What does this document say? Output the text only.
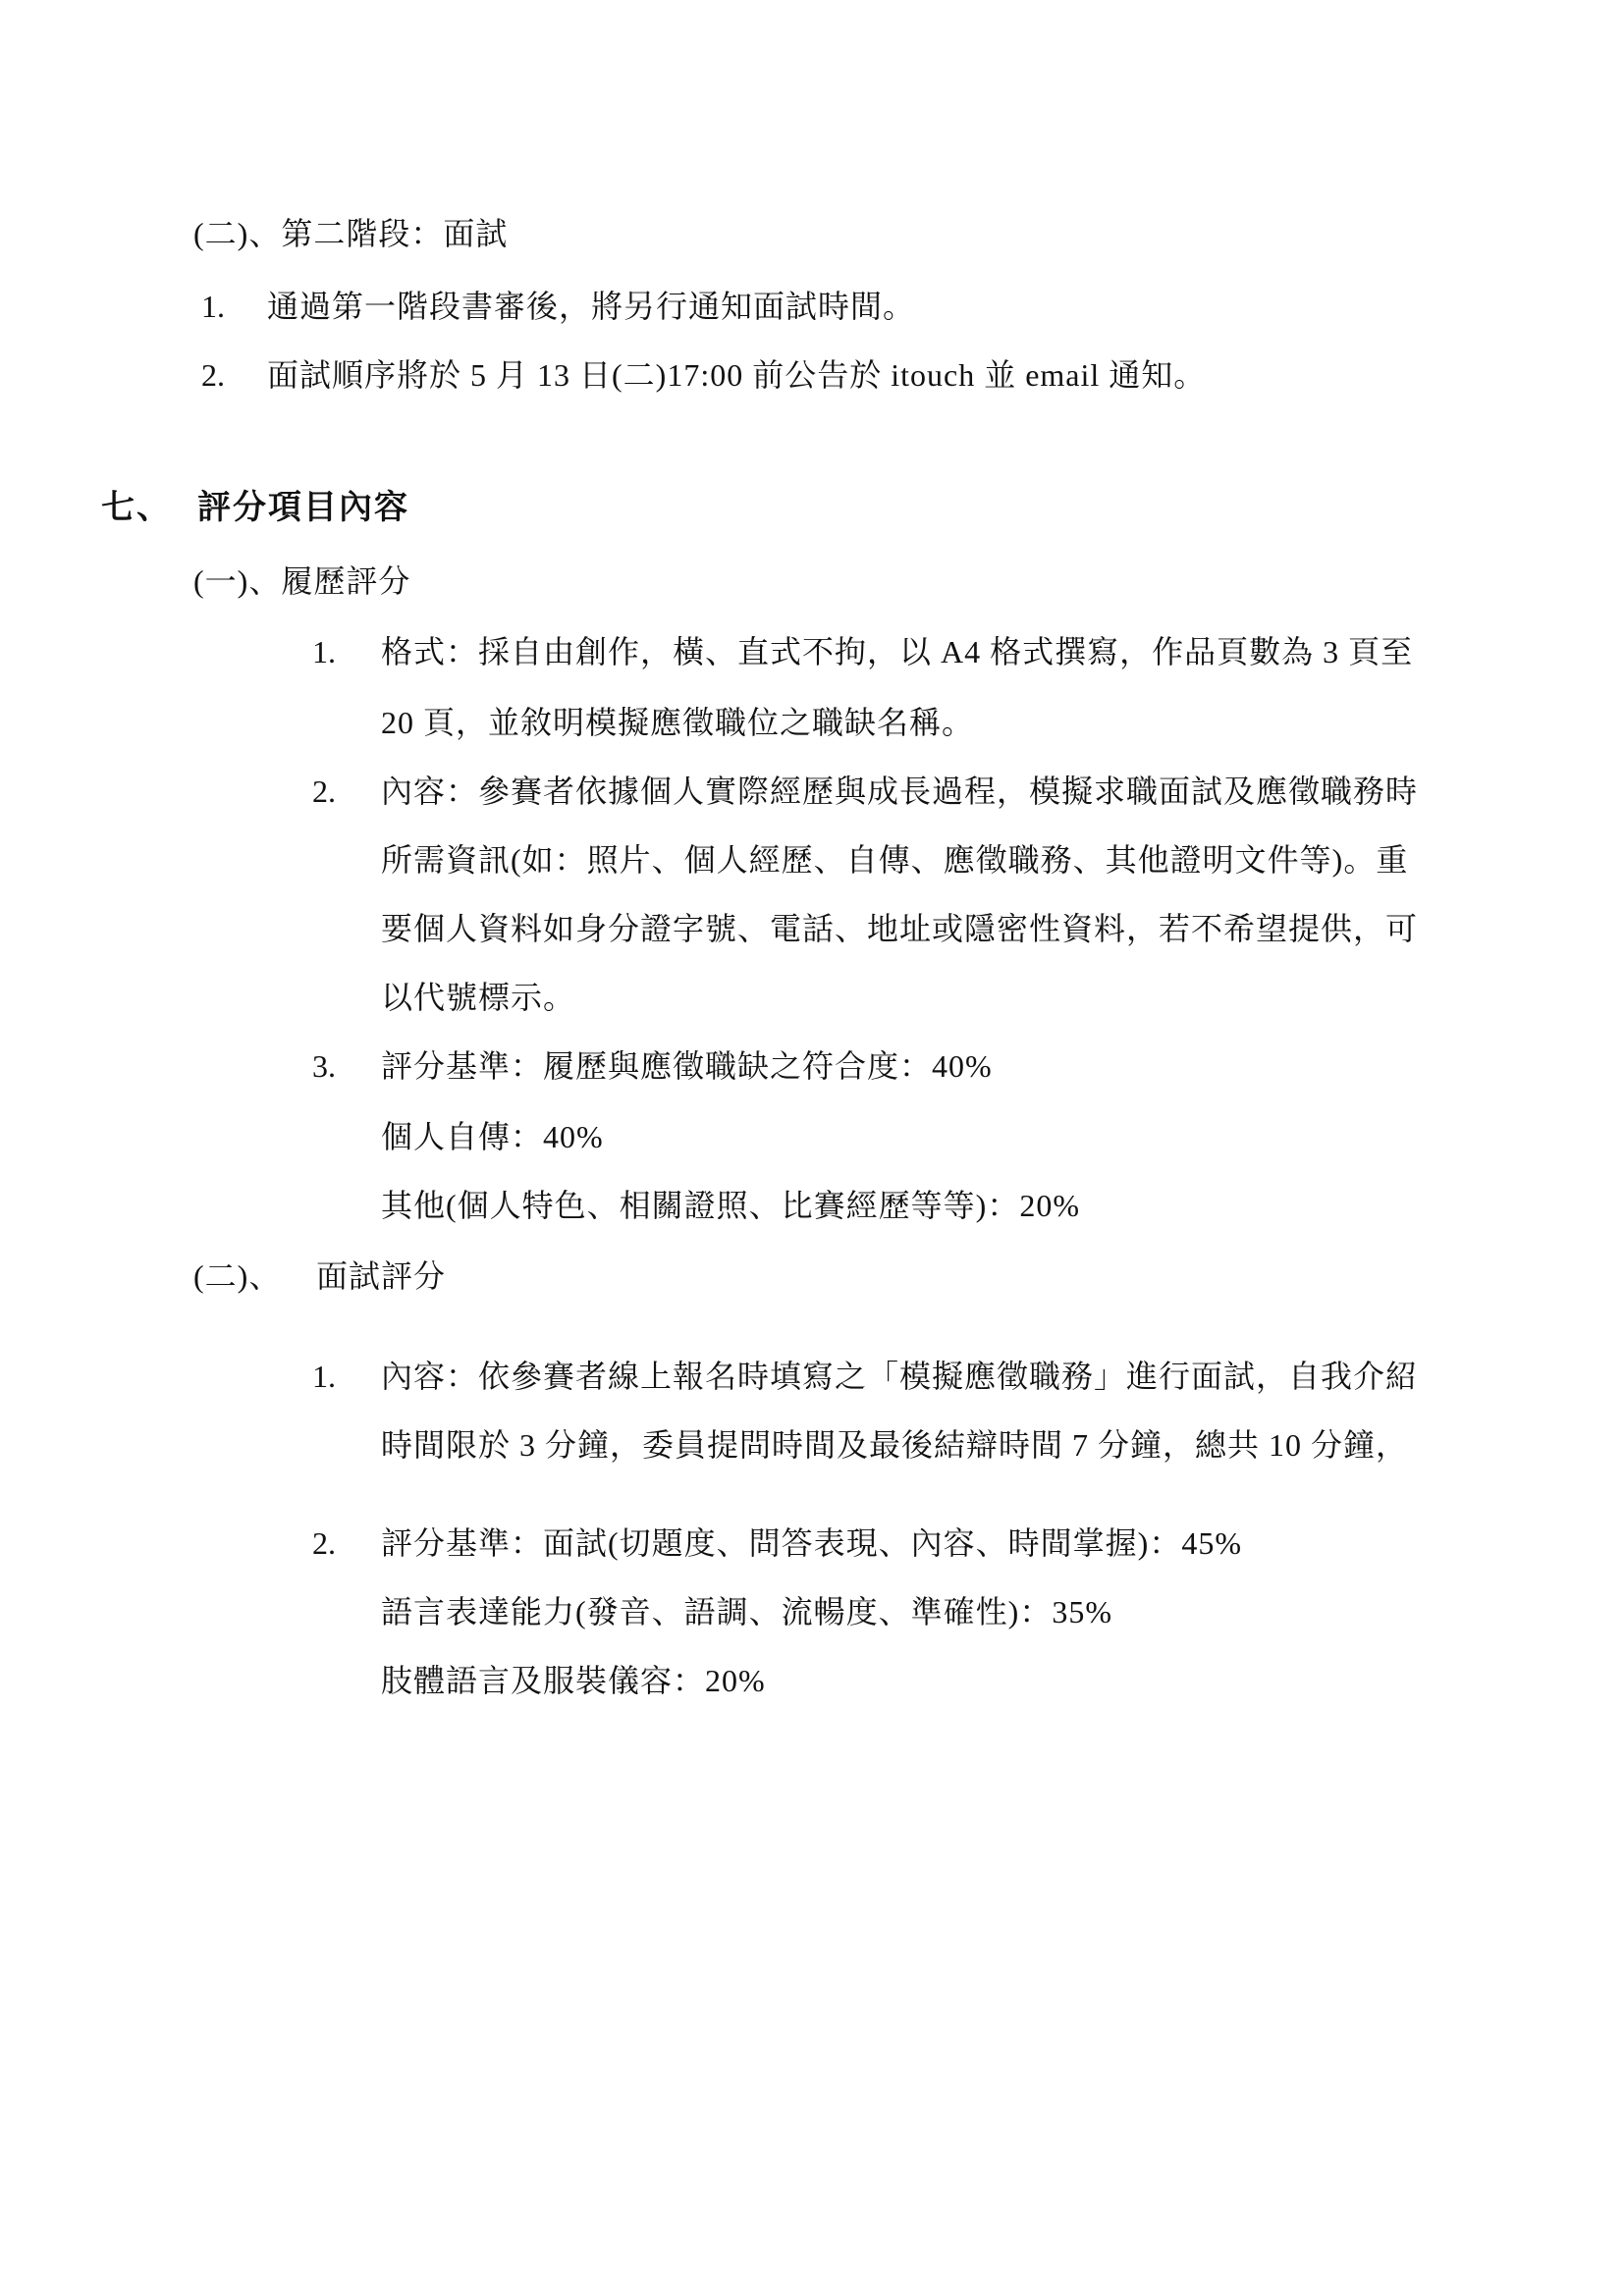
(二)、第二階段：面試
1. 通過第一階段書審後，將另行通知面試時間。
2. 面試順序將於 5 月 13 日(二)17:00 前公告於 itouch 並 email 通知。
七、 評分項目內容
(一)、履歷評分
1. 格式：採自由創作，橫、直式不拘，以 A4 格式撰寫，作品頁數為 3 頁至
20 頁，並敘明模擬應徵職位之職缺名稱。
2. 內容：參賽者依據個人實際經歷與成長過程，模擬求職面試及應徵職務時
所需資訊(如：照片、個人經歷、自傳、應徵職務、其他證明文件等)。重
要個人資料如身分證字號、電話、地址或隱密性資料，若不希望提供，可
以代號標示。
3. 評分基準：履歷與應徵職缺之符合度：40%
個人自傳：40%
其他(個人特色、相關證照、比賽經歷等等)：20%
(二)、 面試評分
1. 內容：依參賽者線上報名時填寫之「模擬應徵職務」進行面試，自我介紹
時間限於 3 分鐘，委員提問時間及最後結辯時間 7 分鐘，總共 10 分鐘，
2. 評分基準：面試(切題度、問答表現、內容、時間掌握)：45%
語言表達能力(發音、語調、流暢度、準確性)：35%
肢體語言及服裝儀容：20%
